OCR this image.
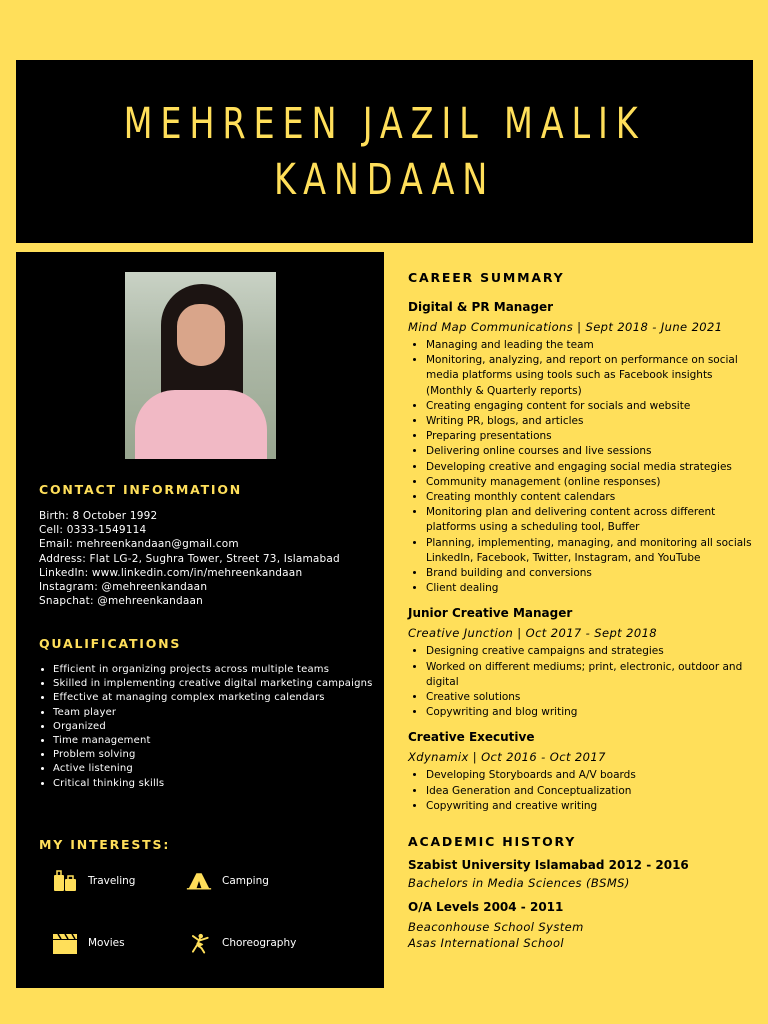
MEHREEN JAZIL MALIK
KANDAAN
CONTACT INFORMATION
Birth: 8 October 1992
Cell: 0333-1549114
Email: mehreenkandaan@gmail.com
Address: Flat LG-2, Sughra Tower, Street 73, Islamabad
LinkedIn: www.linkedin.com/in/mehreenkandaan
Instagram: @mehreenkandaan
Snapchat: @mehreenkandaan
QUALIFICATIONS
• Efficient in organizing projects across multiple teams
• Skilled in implementing creative digital marketing campaigns
• Effective at managing complex marketing calendars
• Team player
• Organized
• Time management
• Problem solving
• Active listening
• Critical thinking skills
MY INTERESTS:
Traveling	Camping
Movies	Choreography
CAREER SUMMARY

Digital & PR Manager

Mind Map Communications | Sept 2018 - June 2021

• Managing and leading the team
• Monitoring, analyzing, and report on performance on social media platforms using tools such as Facebook insights (Monthly & Quarterly reports)
• Creating engaging content for socials and website
• Writing PR, blogs, and articles
• Preparing presentations
• Delivering online courses and live sessions
• Developing creative and engaging social media strategies
• Community management (online responses)
• Creating monthly content calendars
• Monitoring plan and delivering content across different platforms using a scheduling tool, Buffer
• Planning, implementing, managing, and monitoring all socials LinkedIn, Facebook, Twitter, Instagram, and YouTube
• Brand building and conversions
• Client dealing

Junior Creative Manager

Creative Junction | Oct 2017 - Sept 2018

• Designing creative campaigns and strategies
• Worked on different mediums; print, electronic, outdoor and digital
• Creative solutions
• Copywriting and blog writing

Creative Executive

Xdynamix | Oct 2016 - Oct 2017

• Developing Storyboards and A/V boards
• Idea Generation and Conceptualization
• Copywriting and creative writing
ACADEMIC HISTORY

Szabist University Islamabad 2012 - 2016

Bachelors in Media Sciences (BSMS)

O/A Levels 2004 - 2011

Beaconhouse School System

Asas International School
